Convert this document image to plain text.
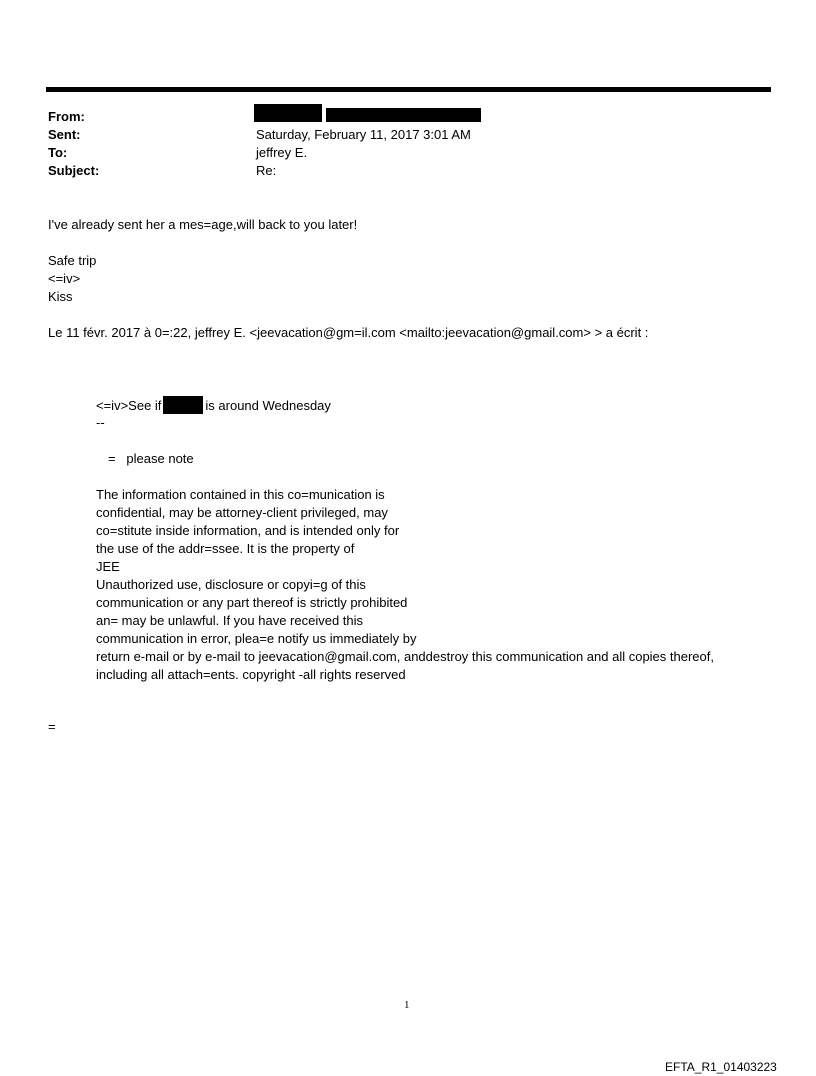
From:
Sent:	Saturday, February 11, 2017 3:01 AM
To:	jeffrey E.
Subject:	Re:
I've already sent her a mes=age,will back to you later!
Safe trip
<=iv>
Kiss
Le 11 févr. 2017 à 0=:22, jeffrey E. <jeevacation@gm=il.com <mailto:jeevacation@gmail.com> > a écrit :
<=iv>See if	is around Wednesday
--
=   please note
The information contained in this co=munication is
confidential, may be attorney-client privileged, may
co=stitute inside information, and is intended only for
the use of the addr=ssee. It is the property of
JEE
Unauthorized use, disclosure or copyi=g of this
communication or any part thereof is strictly prohibited
an= may be unlawful. If you have received this
communication in error, plea=e notify us immediately by
return e-mail or by e-mail to jeevacation@gmail.com, anddestroy this communication and all copies thereof,
including all attach=ents. copyright -all rights reserved
=
1
EFTA_R1_01403223
